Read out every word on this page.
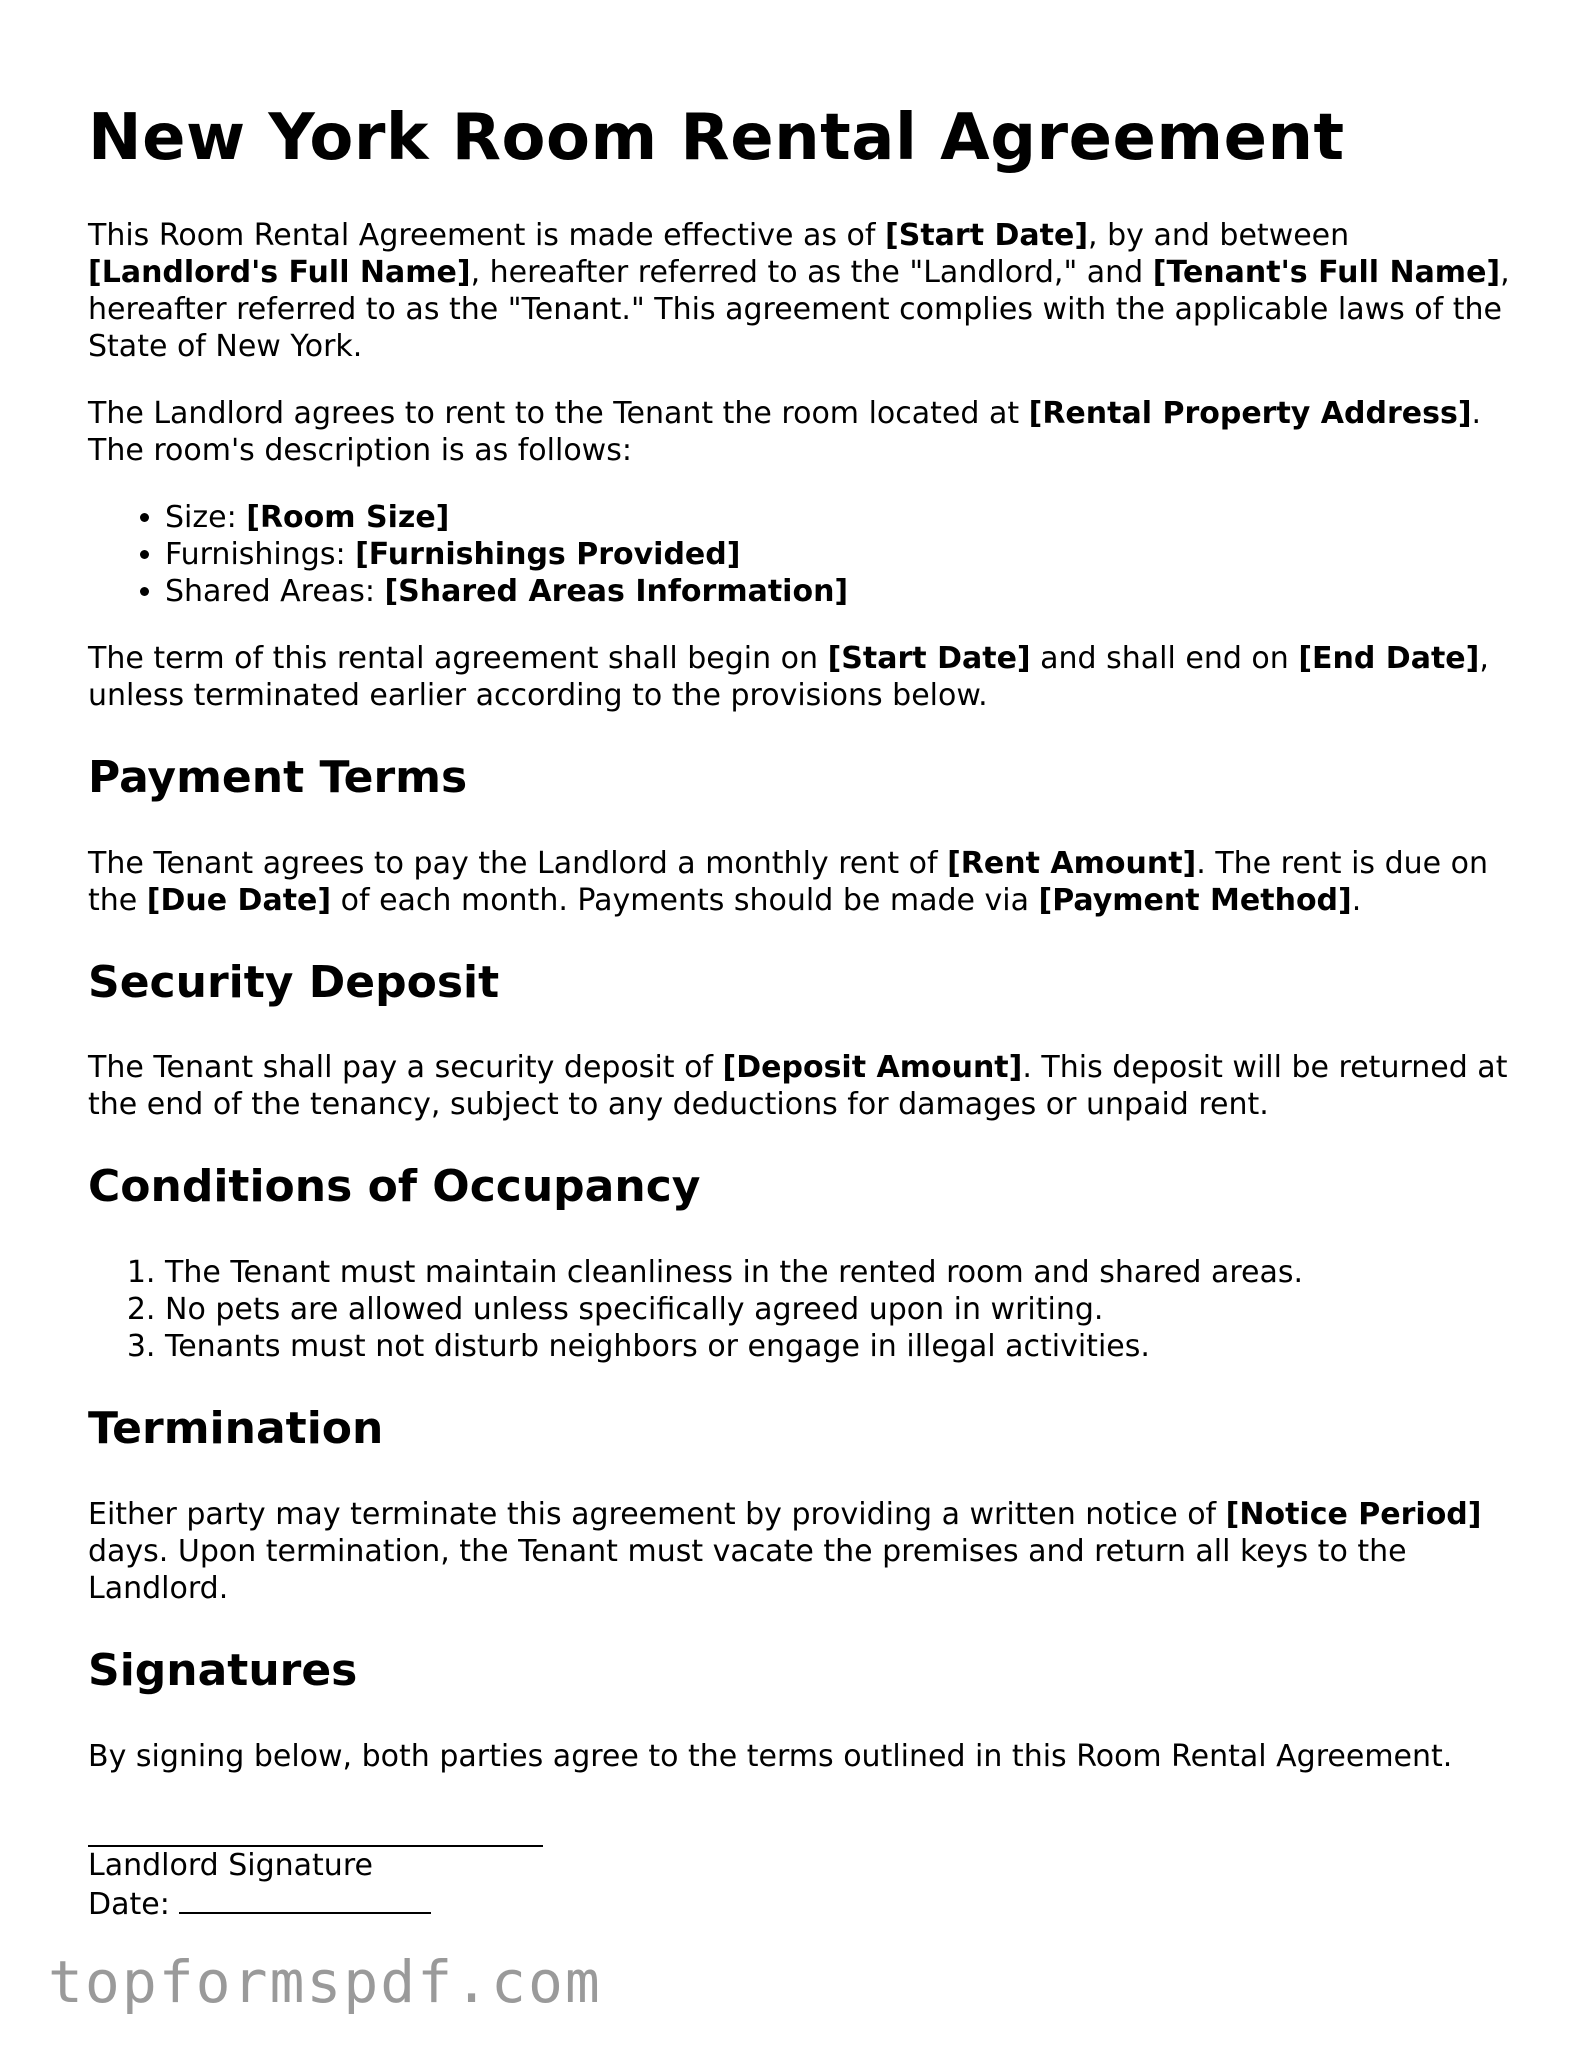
New York Room Rental Agreement

This Room Rental Agreement is made effective as of [Start Date], by and between [Landlord's Full Name], hereafter referred to as the "Landlord," and [Tenant's Full Name], hereafter referred to as the "Tenant." This agreement complies with the applicable laws of the State of New York.

The Landlord agrees to rent to the Tenant the room located at [Rental Property Address]. The room's description is as follows:

• Size: [Room Size]
• Furnishings: [Furnishings Provided]
• Shared Areas: [Shared Areas Information]

The term of this rental agreement shall begin on [Start Date] and shall end on [End Date], unless terminated earlier according to the provisions below.

Payment Terms

The Tenant agrees to pay the Landlord a monthly rent of [Rent Amount]. The rent is due on the [Due Date] of each month. Payments should be made via [Payment Method].

Security Deposit

The Tenant shall pay a security deposit of [Deposit Amount]. This deposit will be returned at the end of the tenancy, subject to any deductions for damages or unpaid rent.

Conditions of Occupancy
1. The Tenant must maintain cleanliness in the rented room and shared areas.
2. No pets are allowed unless specifically agreed upon in writing.
3. Tenants must not disturb neighbors or engage in illegal activities.
Termination

Either party may terminate this agreement by providing a written notice of [Notice Period] days. Upon termination, the Tenant must vacate the premises and return all keys to the Landlord.

Signatures

By signing below, both parties agree to the terms outlined in this Room Rental Agreement.

Landlord Signature
Date:
topformspdf.com
